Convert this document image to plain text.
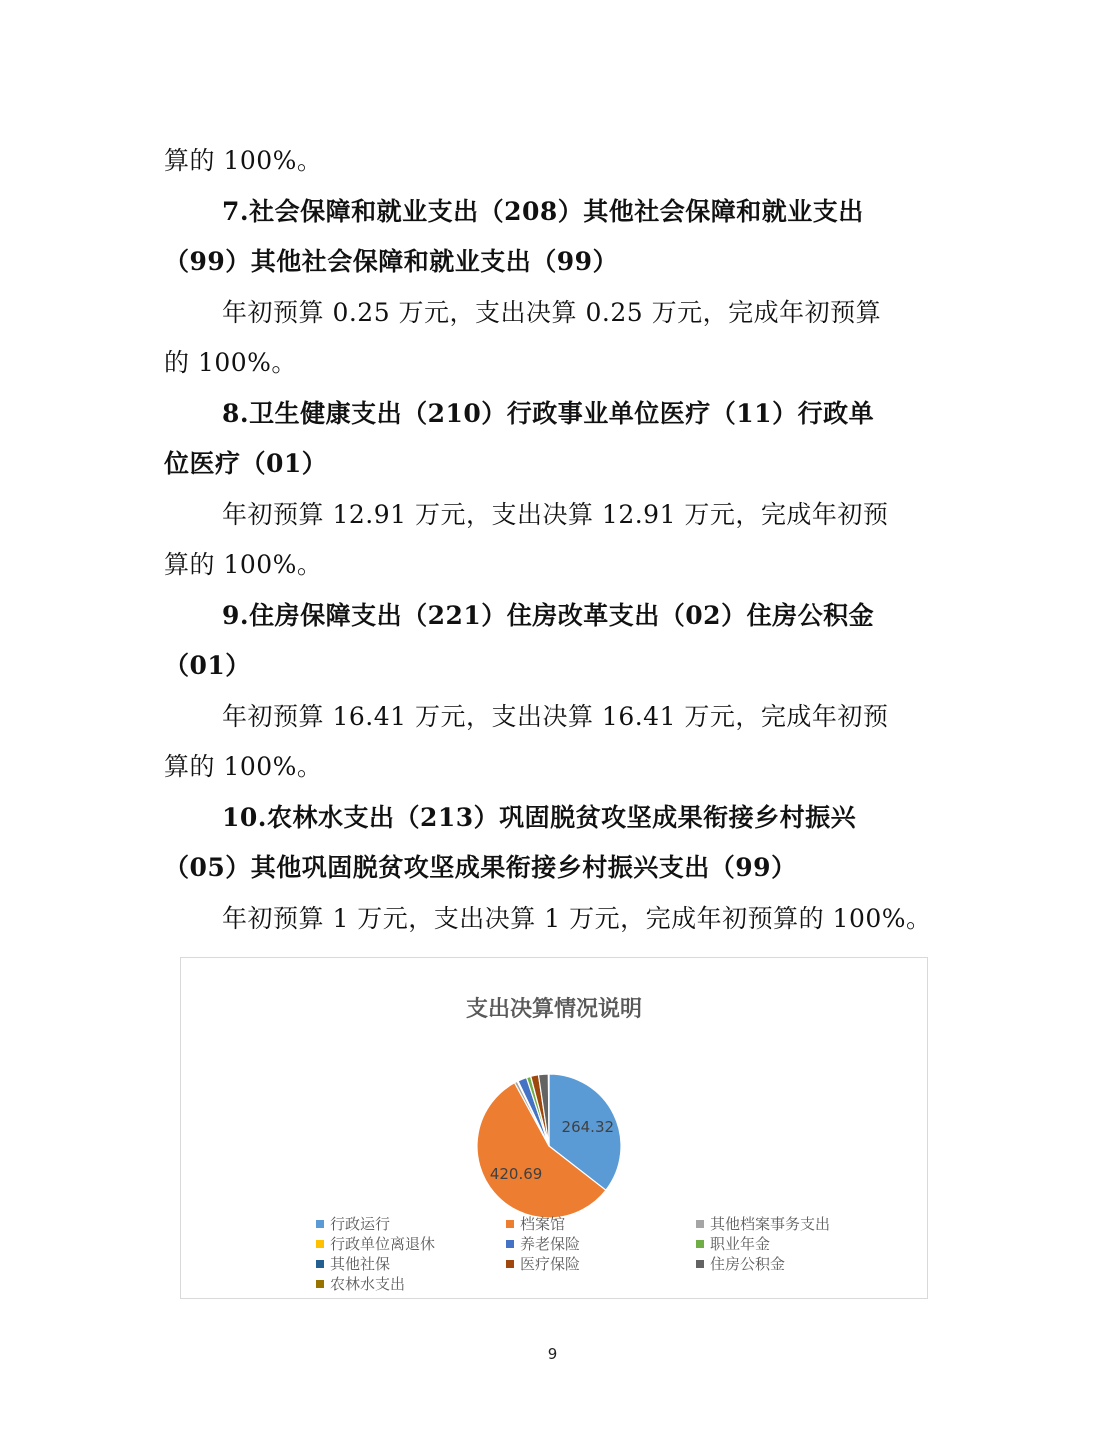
算的 100%。
7.社会保障和就业支出（208）其他社会保障和就业支出
（99）其他社会保障和就业支出（99）
年初预算 0.25 万元，支出决算 0.25 万元，完成年初预算
的 100%。
8.卫生健康支出（210）行政事业单位医疗（11）行政单
位医疗（01）
年初预算 12.91 万元，支出决算 12.91 万元，完成年初预
算的 100%。
9.住房保障支出（221）住房改革支出（02）住房公积金
（01）
年初预算 16.41 万元，支出决算 16.41 万元，完成年初预
算的 100%。
10.农林水支出（213）巩固脱贫攻坚成果衔接乡村振兴
（05）其他巩固脱贫攻坚成果衔接乡村振兴支出（99）
年初预算 1 万元，支出决算 1 万元，完成年初预算的 100%。
支出决算情况说明
264.32
420.69
行政运行	档案馆	其他档案事务支出
行政单位离退休	养老保险	职业年金
其他社保	医疗保险	住房公积金
农林水支出
9
